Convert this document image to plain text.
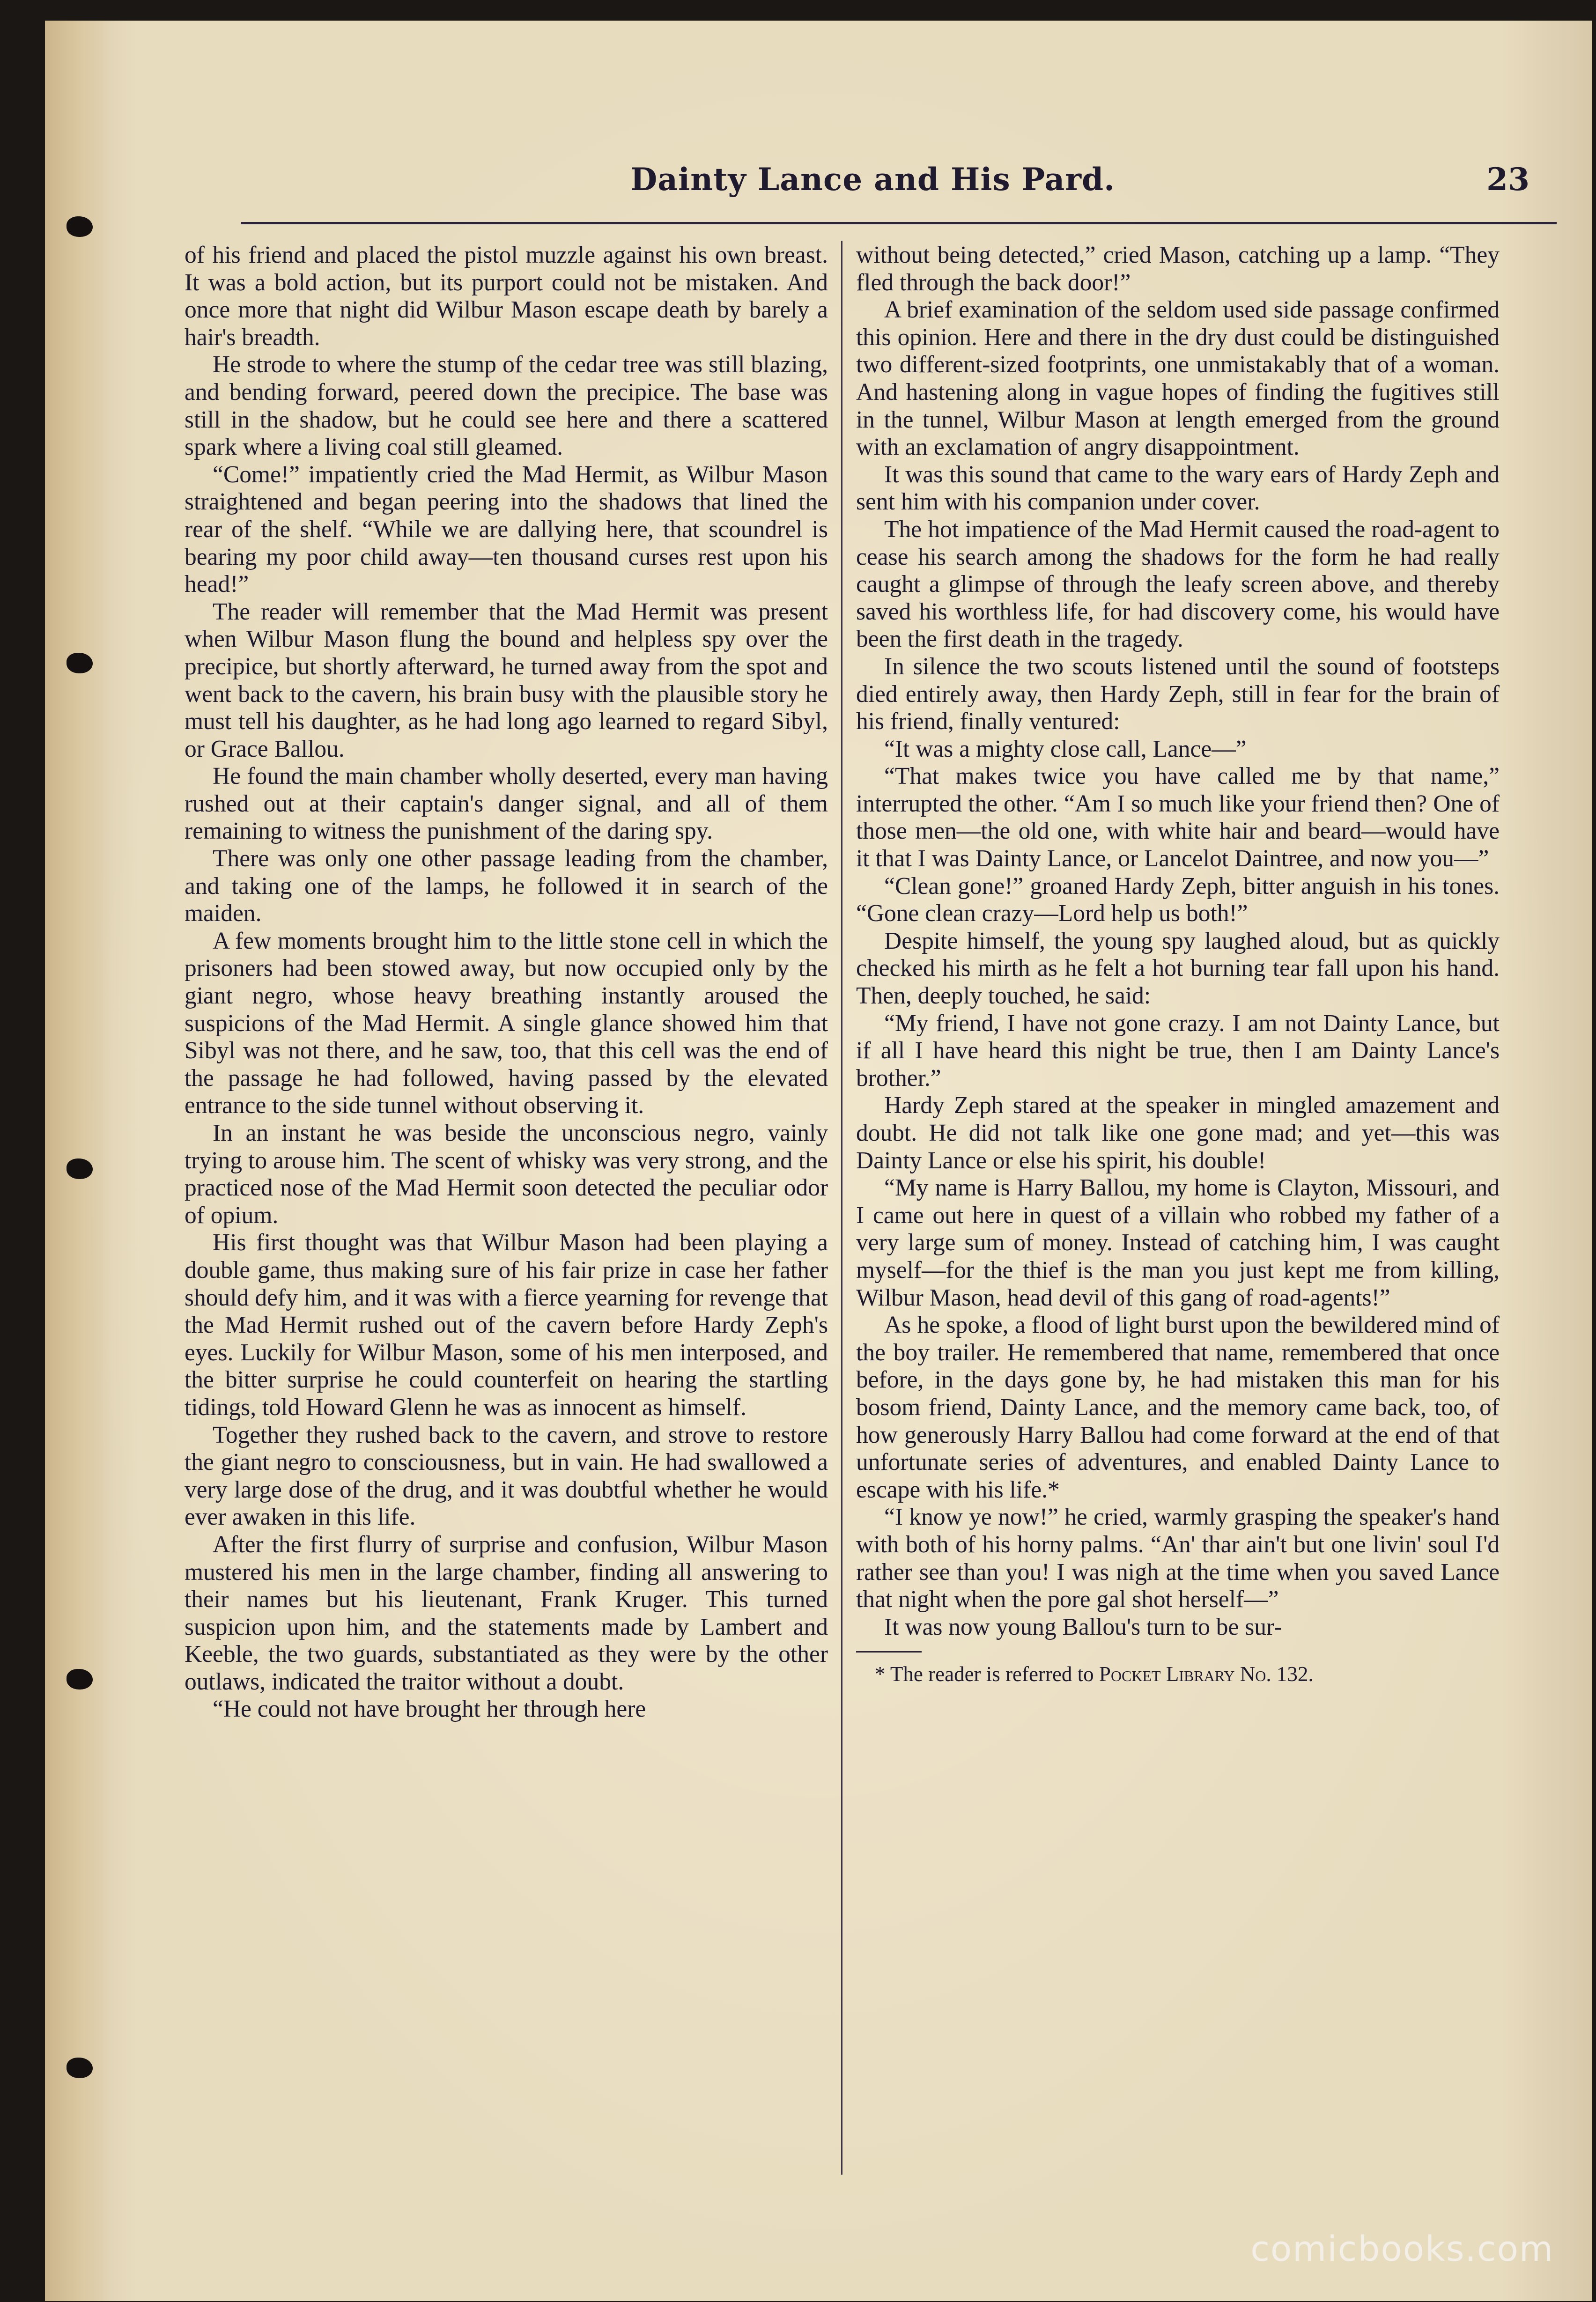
Dainty Lance and His Pard.	23

of his friend and placed the pistol muzzle against his own breast. It was a bold action, but its purport could not be mistaken. And once more that night did Wilbur Mason escape death by barely a hair's breadth.

He strode to where the stump of the cedar tree was still blazing, and bending forward, peered down the precipice. The base was still in the shadow, but he could see here and there a scattered spark where a living coal still gleamed.

“Come!” impatiently cried the Mad Hermit, as Wilbur Mason straightened and began peering into the shadows that lined the rear of the shelf. “While we are dallying here, that scoundrel is bearing my poor child away—ten thousand curses rest upon his head!”

The reader will remember that the Mad Hermit was present when Wilbur Mason flung the bound and helpless spy over the precipice, but shortly afterward, he turned away from the spot and went back to the cavern, his brain busy with the plausible story he must tell his daughter, as he had long ago learned to regard Sibyl, or Grace Ballou.

He found the main chamber wholly deserted, every man having rushed out at their captain's danger signal, and all of them remaining to witness the punishment of the daring spy.

There was only one other passage leading from the chamber, and taking one of the lamps, he followed it in search of the maiden.

A few moments brought him to the little stone cell in which the prisoners had been stowed away, but now occupied only by the giant negro, whose heavy breathing instantly aroused the suspicions of the Mad Hermit. A single glance showed him that Sibyl was not there, and he saw, too, that this cell was the end of the passage he had followed, having passed by the elevated entrance to the side tunnel without observing it.

In an instant he was beside the unconscious negro, vainly trying to arouse him. The scent of whisky was very strong, and the practiced nose of the Mad Hermit soon detected the peculiar odor of opium.

His first thought was that Wilbur Mason had been playing a double game, thus making sure of his fair prize in case her father should defy him, and it was with a fierce yearning for revenge that the Mad Hermit rushed out of the cavern before Hardy Zeph's eyes. Luckily for Wilbur Mason, some of his men interposed, and the bitter surprise he could counterfeit on hearing the startling tidings, told Howard Glenn he was as innocent as himself.

Together they rushed back to the cavern, and strove to restore the giant negro to consciousness, but in vain. He had swallowed a very large dose of the drug, and it was doubtful whether he would ever awaken in this life.

After the first flurry of surprise and confusion, Wilbur Mason mustered his men in the large chamber, finding all answering to their names but his lieutenant, Frank Kruger. This turned suspicion upon him, and the statements made by Lambert and Keeble, the two guards, substantiated as they were by the other outlaws, indicated the traitor without a doubt.

“He could not have brought her through here

without being detected,” cried Mason, catching up a lamp. “They fled through the back door!”

A brief examination of the seldom used side passage confirmed this opinion. Here and there in the dry dust could be distinguished two different-sized footprints, one unmistakably that of a woman. And hastening along in vague hopes of finding the fugitives still in the tunnel, Wilbur Mason at length emerged from the ground with an exclamation of angry disappointment.

It was this sound that came to the wary ears of Hardy Zeph and sent him with his companion under cover.

The hot impatience of the Mad Hermit caused the road-agent to cease his search among the shadows for the form he had really caught a glimpse of through the leafy screen above, and thereby saved his worthless life, for had discovery come, his would have been the first death in the tragedy.

In silence the two scouts listened until the sound of footsteps died entirely away, then Hardy Zeph, still in fear for the brain of his friend, finally ventured:

“It was a mighty close call, Lance—”

“That makes twice you have called me by that name,” interrupted the other. “Am I so much like your friend then? One of those men—the old one, with white hair and beard—would have it that I was Dainty Lance, or Lancelot Daintree, and now you—”

“Clean gone!” groaned Hardy Zeph, bitter anguish in his tones. “Gone clean crazy—Lord help us both!”

Despite himself, the young spy laughed aloud, but as quickly checked his mirth as he felt a hot burning tear fall upon his hand. Then, deeply touched, he said:

“My friend, I have not gone crazy. I am not Dainty Lance, but if all I have heard this night be true, then I am Dainty Lance's brother.”

Hardy Zeph stared at the speaker in mingled amazement and doubt. He did not talk like one gone mad; and yet—this was Dainty Lance or else his spirit, his double!

“My name is Harry Ballou, my home is Clayton, Missouri, and I came out here in quest of a villain who robbed my father of a very large sum of money. Instead of catching him, I was caught myself—for the thief is the man you just kept me from killing, Wilbur Mason, head devil of this gang of road-agents!”

As he spoke, a flood of light burst upon the bewildered mind of the boy trailer. He remembered that name, remembered that once before, in the days gone by, he had mistaken this man for his bosom friend, Dainty Lance, and the memory came back, too, of how generously Harry Ballou had come forward at the end of that unfortunate series of adventures, and enabled Dainty Lance to escape with his life.*

“I know ye now!” he cried, warmly grasping the speaker's hand with both of his horny palms. “An' thar ain't but one livin' soul I'd rather see than you! I was nigh at the time when you saved Lance that night when the pore gal shot herself—”

It was now young Ballou's turn to be sur-

* The reader is referred to Pocket Library No. 132.

comicbooks.com
